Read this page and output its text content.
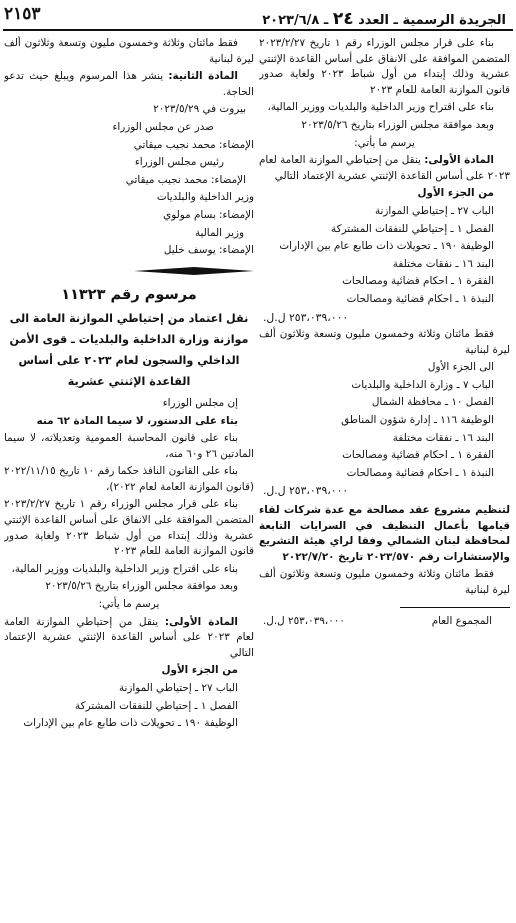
الجريدة الرسمية ـ العدد ٢٤ ـ ٢٠٢٣/٦/٨
٢١٥٣

بناء على قرار مجلس الوزراء رقم ١ تاريخ ٢٠٢٣/٢/٢٧ المتضمن الموافقة على الانفاق على أساس القاعدة الإثنتي عشرية وذلك إبتداء من أول شباط ٢٠٢٣ ولغاية صدور قانون الموازنة العامة للعام ٢٠٢٣

بناء على اقتراح وزير الداخلية والبلديات ووزير المالية،

وبعد موافقة مجلس الوزراء بتاريخ ٢٠٢٣/٥/٢٦

يرسم ما يأتي:

المادة الأولى: ينقل من إحتياطي الموازنة العامة لعام ٢٠٢٣ على أساس القاعدة الإثنتي عشرية الإعتماد التالي

من الجزء الأول

الباب ٢٧ ـ إحتياطي الموازنة

الفصل ١ ـ إحتياطي للنفقات المشتركة

الوظيفة ١٩٠ ـ تحويلات ذات طابع عام بين الإدارات

البند ١٦ ـ نفقات مختلفة

الفقرة ١ ـ احكام قضائية ومصالحات

النبذة ١ ـ احكام قضائية ومصالحات

٢٥٣،٠٣٩،٠٠٠ ل.ل.

فقط مائتان وثلاثة وخمسون مليون وتسعة وثلاثون ألف ليرة لبنانية

الى الجزء الأول

الباب ٧ ـ وزارة الداخلية والبلديات

الفصل ١٠ ـ محافظة الشمال

الوظيفة ١١٦ ـ إدارة شؤون المناطق

البند ١٦ ـ نفقات مختلفة

الفقرة ١ ـ احكام قضائية ومصالحات

النبذة ١ ـ احكام قضائية ومصالحات

٢٥٣،٠٣٩،٠٠٠ ل.ل.

لتنظيم مشروع عقد مصالحة مع عدة شركات لقاء قيامها بأعمال التنظيف في السرايات التابعة لمحافظة لبنان الشمالي وفقا لراي هيئة التشريع والإستشارات رقم ٢٠٢٣/٥٧٠ تاريخ ٢٠٢٢/٧/٢٠

فقط مائتان وثلاثة وخمسون مليون وتسعة وثلاثون ألف ليرة لبنانية

المجموع العام
٢٥٣،٠٣٩،٠٠٠ ل.ل.

فقط مائتان وثلاثة وخمسون مليون وتسعة وثلاثون ألف ليرة لبنانية

المادة الثانية: ينشر هذا المرسوم ويبلغ حيث تدعو الحاجة.

بيروت في ٢٠٢٣/٥/٢٩

صدر عن مجلس الوزراء

الإمضاء: محمد نجيب ميقاتي

رئيس مجلس الوزراء

الإمضاء: محمد نجيب ميقاتي

وزير الداخلية والبلديات

الإمضاء: بسام مولوي

وزير المالية

الإمضاء: يوسف خليل

مرسوم رقم ١١٣٢٣

نقل اعتماد من إحتياطي الموازنة العامة الى موازنة وزارة الداخلية والبلديات ـ قوى الأمن الداخلي والسجون لعام ٢٠٢٣ على أساس القاعدة الإثنتي عشرية

إن مجلس الوزراء

بناء على الدستور، لا سيما المادة ٦٢ منه

بناء على قانون المحاسبة العمومية وتعديلاته، لا سيما المادتين ٢٦ و٦٠ منه،

بناء على القانون النافذ حكما رقم ١٠ تاريخ ٢٠٢٢/١١/١٥ (قانون الموازنة العامة لعام ٢٠٢٢)،

بناء على قرار مجلس الوزراء رقم ١ تاريخ ٢٠٢٣/٢/٢٧ المتضمن الموافقة على الانفاق على أساس القاعدة الإثنتي عشرية وذلك إبتداء من أول شباط ٢٠٢٣ ولغاية صدور قانون الموازنة العامة للعام ٢٠٢٣

بناء على اقتراح وزير الداخلية والبلديات ووزير المالية،

وبعد موافقة مجلس الوزراء بتاريخ ٢٠٢٣/٥/٢٦

يرسم ما يأتي:

المادة الأولى: ينقل من إحتياطي الموازنة العامة لعام ٢٠٢٣ على أساس القاعدة الإثنتي عشرية الإعتماد التالي

من الجزء الأول

الباب ٢٧ ـ إحتياطي الموازنة

الفصل ١ ـ إحتياطي للنفقات المشتركة

الوظيفة ١٩٠ ـ تحويلات ذات طابع عام بين الإدارات
